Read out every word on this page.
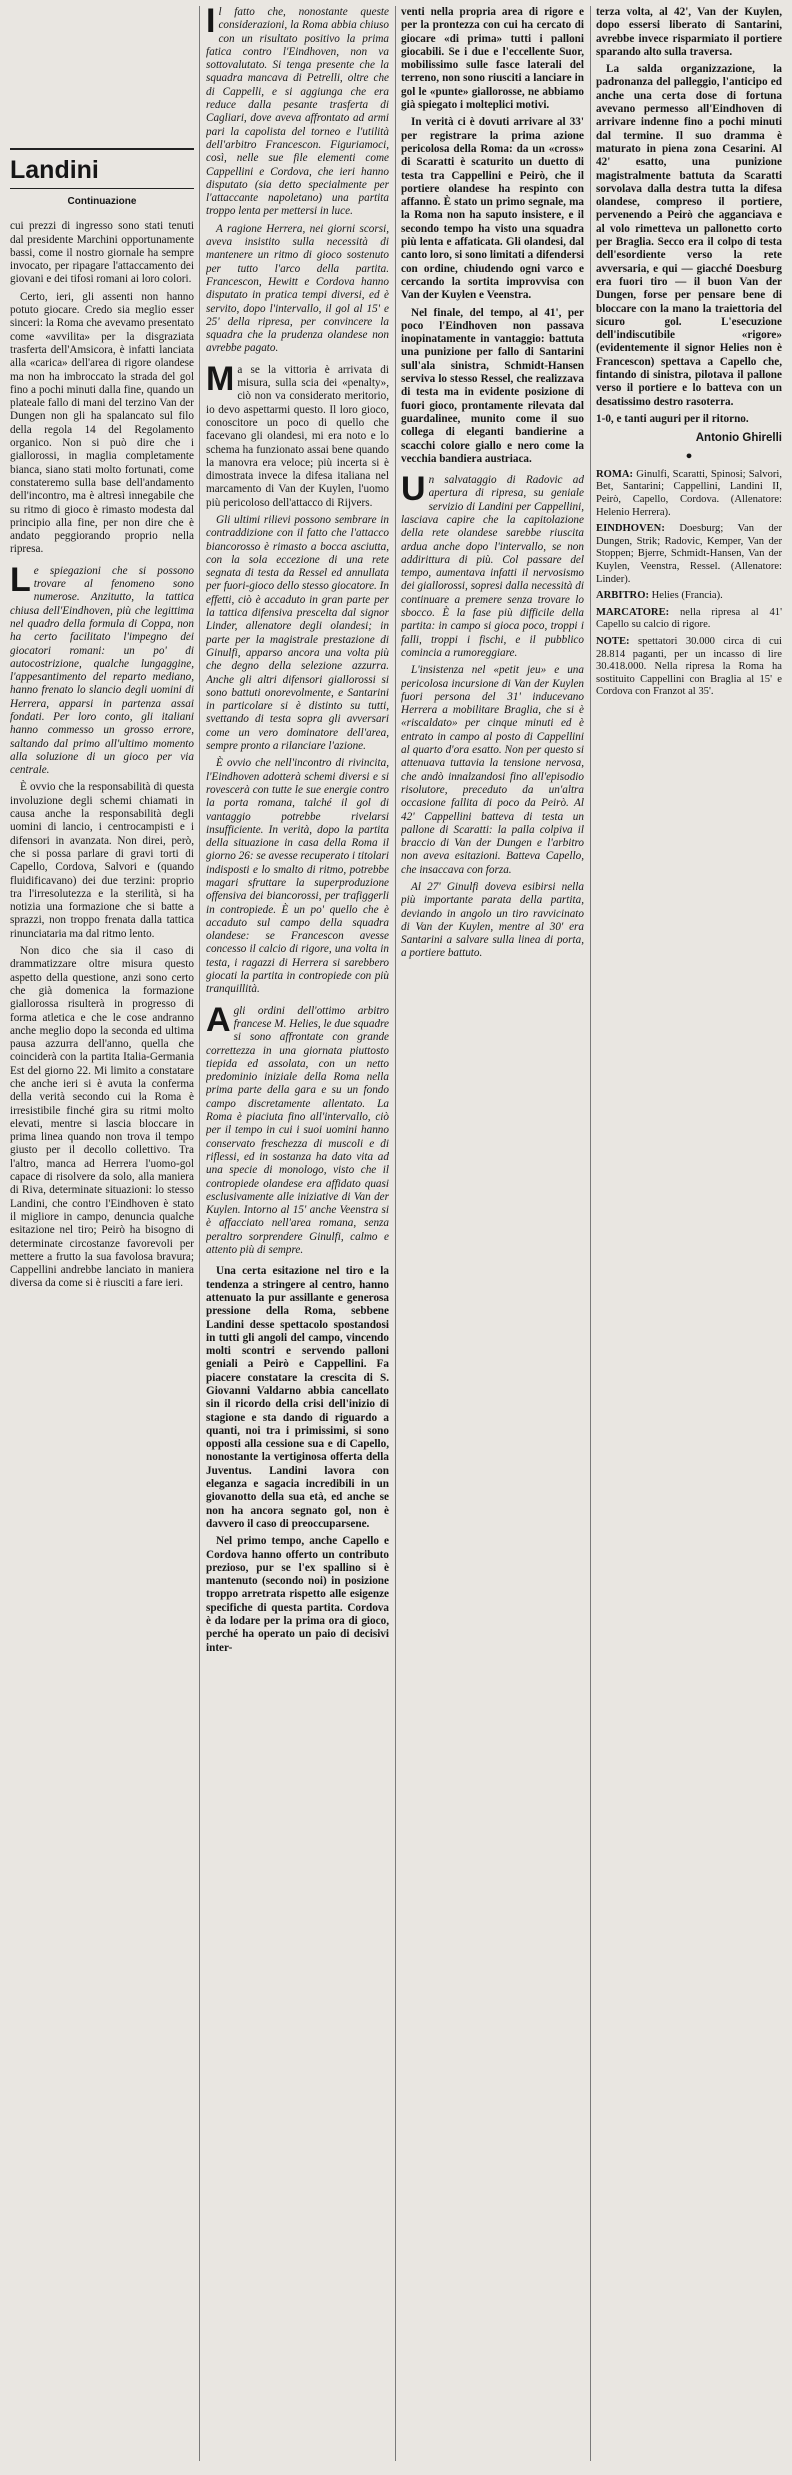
Landini
Continuazione

cui prezzi di ingresso sono stati tenuti dal presidente Marchini opportunamente bassi, come il nostro giornale ha sempre invocato, per ripagare l'attaccamento dei giovani e dei tifosi romani ai loro colori.

Certo, ieri, gli assenti non hanno potuto giocare. Credo sia meglio esser sinceri: la Roma che avevamo presentato come «avvilita» per la disgraziata trasferta dell'Amsicora, è infatti lanciata alla «carica» dell'area di rigore olandese ma non ha imbroccato la strada del gol fino a pochi minuti dalla fine, quando un plateale fallo di mani del terzino Van der Dungen non gli ha spalancato sul filo della regola 14 del Regolamento organico. Non si può dire che i giallorossi, in maglia completamente bianca, siano stati molto fortunati, come constateremo sulla base dell'andamento dell'incontro, ma è altresì innegabile che su ritmo di gioco è rimasto modesta dal principio alla fine, per non dire che è andato peggiorando proprio nella ripresa.

Le spiegazioni che si possono trovare al fenomeno sono numerose. Anzitutto, la tattica chiusa dell'Eindhoven, più che legittima nel quadro della formula di Coppa, non ha certo facilitato l'impegno dei giocatori romani: un po' di autocostrizione, qualche lungaggine, l'appesantimento del reparto mediano, hanno frenato lo slancio degli uomini di Herrera, apparsi in partenza assai fondati. Per loro conto, gli italiani hanno commesso un grosso errore, saltando dal primo all'ultimo momento alla soluzione di un gioco per via centrale.

È ovvio che la responsabilità di questa involuzione degli schemi chiamati in causa anche la responsabilità degli uomini di lancio, i centrocampisti e i difensori in avanzata. Non direi, però, che si possa parlare di gravi torti di Capello, Cordova, Salvori e (quando fluidificavano) dei due terzini: proprio tra l'irresolutezza e la sterilità, si ha notizia una formazione che si batte a sprazzi, non troppo frenata dalla tattica rinunciataria ma dal ritmo lento.

Non dico che sia il caso di drammatizzare oltre misura questo aspetto della questione, anzi sono certo che già domenica la formazione giallorossa risulterà in progresso di forma atletica e che le cose andranno anche meglio dopo la seconda ed ultima pausa azzurra dell'anno, quella che coinciderà con la partita Italia-Germania Est del giorno 22. Mi limito a constatare che anche ieri si è avuta la conferma della verità secondo cui la Roma è irresistibile finché gira su ritmi molto elevati, mentre si lascia bloccare in prima linea quando non trova il tempo giusto per il decollo collettivo. Tra l'altro, manca ad Herrera l'uomo-gol capace di risolvere da solo, alla maniera di Riva, determinate situazioni: lo stesso Landini, che contro l'Eindhoven è stato il migliore in campo, denuncia qualche esitazione nel tiro; Peirò ha bisogno di determinate circostanze favorevoli per mettere a frutto la sua favolosa bravura; Cappellini andrebbe lanciato in maniera diversa da come si è riusciti a fare ieri.

Il fatto che, nonostante queste considerazioni, la Roma abbia chiuso con un risultato positivo la prima fatica contro l'Eindhoven, non va sottovalutato. Si tenga presente che la squadra mancava di Petrelli, oltre che di Cappelli, e si aggiunga che era reduce dalla pesante trasferta di Cagliari, dove aveva affrontato ad armi pari la capolista del torneo e l'utilità dell'arbitro Francescon. Figuriamoci, così, nelle sue file elementi come Cappellini e Cordova, che ieri hanno disputato (sia detto specialmente per l'attaccante napoletano) una partita troppo lenta per mettersi in luce.

A ragione Herrera, nei giorni scorsi, aveva insistito sulla necessità di mantenere un ritmo di gioco sostenuto per tutto l'arco della partita. Francescon, Hewitt e Cordova hanno disputato in pratica tempi diversi, ed è servito, dopo l'intervallo, il gol al 15' e 25' della ripresa, per convincere la squadra che la prudenza olandese non avrebbe pagato.

Ma se la vittoria è arrivata di misura, sulla scia dei «penalty», ciò non va considerato meritorio, io devo aspettarmi questo. Il loro gioco, conoscitore un poco di quello che facevano gli olandesi, mi era noto e lo schema ha funzionato assai bene quando la manovra era veloce; più incerta si è dimostrata invece la difesa italiana nel marcamento di Van der Kuylen, l'uomo più pericoloso dell'attacco di Rijvers.

Gli ultimi rilievi possono sembrare in contraddizione con il fatto che l'attacco biancorosso è rimasto a bocca asciutta, con la sola eccezione di una rete segnata di testa da Ressel ed annullata per fuori-gioco dello stesso giocatore. In effetti, ciò è accaduto in gran parte per la tattica difensiva prescelta dal signor Linder, allenatore degli olandesi; in parte per la magistrale prestazione di Ginulfi, apparso ancora una volta più che degno della selezione azzurra. Anche gli altri difensori giallorossi si sono battuti onorevolmente, e Santarini in particolare si è distinto su tutti, svettando di testa sopra gli avversari come un vero dominatore dell'area, sempre pronto a rilanciare l'azione.

È ovvio che nell'incontro di rivincita, l'Eindhoven adotterà schemi diversi e si rovescerà con tutte le sue energie contro la porta romana, talché il gol di vantaggio potrebbe rivelarsi insufficiente. In verità, dopo la partita della situazione in casa della Roma il giorno 26: se avesse recuperato i titolari indisposti e lo smalto di ritmo, potrebbe magari sfruttare la superproduzione offensiva dei biancorossi, per trafiggerli in contropiede. È un po' quello che è accaduto sul campo della squadra olandese: se Francescon avesse concesso il calcio di rigore, una volta in testa, i ragazzi di Herrera si sarebbero giocati la partita in contropiede con più tranquillità.

Agli ordini dell'ottimo arbitro francese M. Helies, le due squadre si sono affrontate con grande correttezza in una giornata piuttosto tiepida ed assolata, con un netto predominio iniziale della Roma nella prima parte della gara e su un fondo campo discretamente allentato. La Roma è piaciuta fino all'intervallo, ciò per il tempo in cui i suoi uomini hanno conservato freschezza di muscoli e di riflessi, ed in sostanza ha dato vita ad una specie di monologo, visto che il contropiede olandese era affidato quasi esclusivamente alle iniziative di Van der Kuylen. Intorno al 15' anche Veenstra si è affacciato nell'area romana, senza peraltro sorprendere Ginulfi, calmo e attento più di sempre.

Una certa esitazione nel tiro e la tendenza a stringere al centro, hanno attenuato la pur assillante e generosa pressione della Roma, sebbene Landini desse spettacolo spostandosi in tutti gli angoli del campo, vincendo molti scontri e servendo palloni geniali a Peirò e Cappellini. Fa piacere constatare la crescita di S. Giovanni Valdarno abbia cancellato sin il ricordo della crisi dell'inizio di stagione e sta dando di riguardo a quanti, noi tra i primissimi, si sono opposti alla cessione sua e di Capello, nonostante la vertiginosa offerta della Juventus. Landini lavora con eleganza e sagacia incredibili in un giovanotto della sua età, ed anche se non ha ancora segnato gol, non è davvero il caso di preoccuparsene.

Nel primo tempo, anche Capello e Cordova hanno offerto un contributo prezioso, pur se l'ex spallino si è mantenuto (secondo noi) in posizione troppo arretrata rispetto alle esigenze specifiche di questa partita. Cordova è da lodare per la prima ora di gioco, perché ha operato un paio di decisivi inter-

venti nella propria area di rigore e per la prontezza con cui ha cercato di giocare «di prima» tutti i palloni giocabili. Se i due e l'eccellente Suor, mobilissimo sulle fasce laterali del terreno, non sono riusciti a lanciare in gol le «punte» giallorosse, ne abbiamo già spiegato i molteplici motivi.

In verità ci è dovuti arrivare al 33' per registrare la prima azione pericolosa della Roma: da un «cross» di Scaratti è scaturito un duetto di testa tra Cappellini e Peirò, che il portiere olandese ha respinto con affanno. È stato un primo segnale, ma la Roma non ha saputo insistere, e il secondo tempo ha visto una squadra più lenta e affaticata. Gli olandesi, dal canto loro, si sono limitati a difendersi con ordine, chiudendo ogni varco e cercando la sortita improvvisa con Van der Kuylen e Veenstra.

Nel finale, del tempo, al 41', per poco l'Eindhoven non passava inopinatamente in vantaggio: battuta una punizione per fallo di Santarini sull'ala sinistra, Schmidt-Hansen serviva lo stesso Ressel, che realizzava di testa ma in evidente posizione di fuori gioco, prontamente rilevata dal guardalinee, munito come il suo collega di eleganti bandierine a scacchi colore giallo e nero come la vecchia bandiera austriaca.

Un salvataggio di Radovic ad apertura di ripresa, su geniale servizio di Landini per Cappellini, lasciava capire che la capitolazione della rete olandese sarebbe riuscita ardua anche dopo l'intervallo, se non addirittura di più. Col passare del tempo, aumentava infatti il nervosismo dei giallorossi, sopresi dalla necessità di continuare a premere senza trovare lo sbocco. È la fase più difficile della partita: in campo si gioca poco, troppi i falli, troppi i fischi, e il pubblico comincia a rumoreggiare.

L'insistenza nel «petit jeu» e una pericolosa incursione di Van der Kuylen fuori persona del 31' inducevano Herrera a mobilitare Braglia, che si è «riscaldato» per cinque minuti ed è entrato in campo al posto di Cappellini al quarto d'ora esatto. Non per questo si attenuava tuttavia la tensione nervosa, che andò innalzandosi fino all'episodio risolutore, preceduto da un'altra occasione fallita di poco da Peirò. Al 42' Cappellini batteva di testa un pallone di Scaratti: la palla colpiva il braccio di Van der Dungen e l'arbitro non aveva esitazioni. Batteva Capello, che insaccava con forza.

Al 27' Ginulfi doveva esibirsi nella più importante parata della partita, deviando in angolo un tiro ravvicinato di Van der Kuylen, mentre al 30' era Santarini a salvare sulla linea di porta, a portiere battuto.

terza volta, al 42', Van der Kuylen, dopo essersi liberato di Santarini, avrebbe invece risparmiato il portiere sparando alto sulla traversa.

La salda organizzazione, la padronanza del palleggio, l'anticipo ed anche una certa dose di fortuna avevano permesso all'Eindhoven di arrivare indenne fino a pochi minuti dal termine. Il suo dramma è maturato in piena zona Cesarini. Al 42' esatto, una punizione magistralmente battuta da Scaratti sorvolava dalla destra tutta la difesa olandese, compreso il portiere, pervenendo a Peirò che agganciava e al volo rimetteva un pallonetto corto per Braglia. Secco era il colpo di testa dell'esordiente verso la rete avversaria, e qui — giacché Doesburg era fuori tiro — il buon Van der Dungen, forse per pensare bene di bloccare con la mano la traiettoria del sicuro gol. L'esecuzione dell'indiscutibile «rigore» (evidentemente il signor Helies non è Francescon) spettava a Capello che, fintando di sinistra, pilotava il pallone verso il portiere e lo batteva con un desatissimo destro rasoterra.

1-0, e tanti auguri per il ritorno.

Antonio Ghirelli
●

ROMA: Ginulfi, Scaratti, Spinosi; Salvori, Bet, Santarini; Cappellini, Landini II, Peirò, Capello, Cordova. (Allenatore: Helenio Herrera).

EINDHOVEN: Doesburg; Van der Dungen, Strik; Radovic, Kemper, Van der Stoppen; Bjerre, Schmidt-Hansen, Van der Kuylen, Veenstra, Ressel. (Allenatore: Linder).

ARBITRO: Helies (Francia).

MARCATORE: nella ripresa al 41' Capello su calcio di rigore.

NOTE: spettatori 30.000 circa di cui 28.814 paganti, per un incasso di lire 30.418.000. Nella ripresa la Roma ha sostituito Cappellini con Braglia al 15' e Cordova con Franzot al 35'.
